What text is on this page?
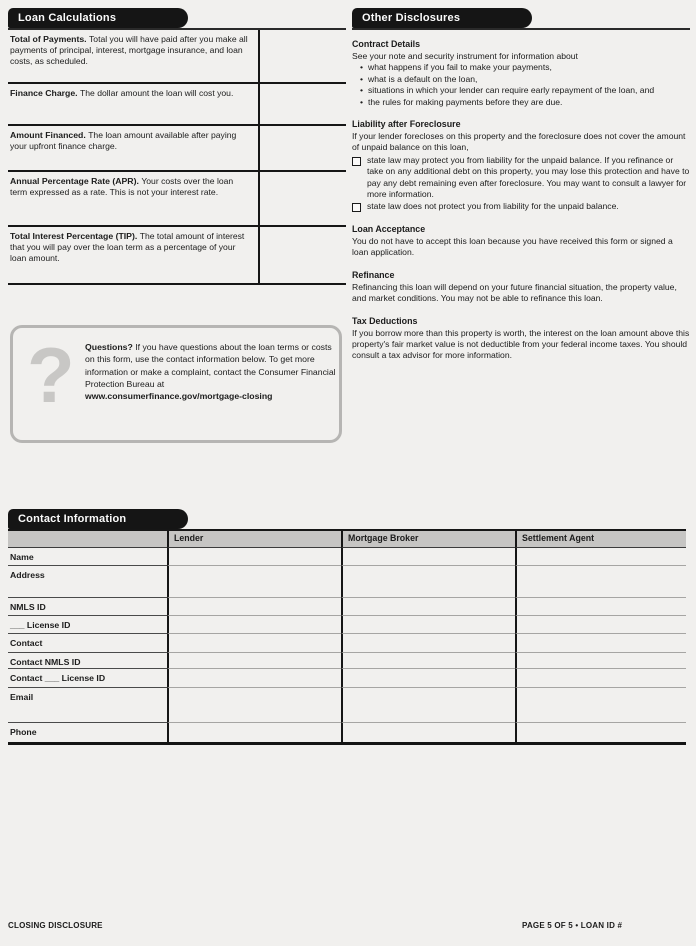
Loan Calculations
Total of Payments. Total you will have paid after you make all payments of principal, interest, mortgage insurance, and loan costs, as scheduled.
Finance Charge. The dollar amount the loan will cost you.
Amount Financed. The loan amount available after paying your upfront finance charge.
Annual Percentage Rate (APR). Your costs over the loan term expressed as a rate. This is not your interest rate.
Total Interest Percentage (TIP). The total amount of interest that you will pay over the loan term as a percentage of your loan amount.
? Questions? If you have questions about the loan terms or costs on this form, use the contact information below. To get more information or make a complaint, contact the Consumer Financial Protection Bureau at
www.consumerfinance.gov/mortgage-closing
Other Disclosures
Contract Details
See your note and security instrument for information about
• what happens if you fail to make your payments,
• what is a default on the loan,
• situations in which your lender can require early repayment of the loan, and
• the rules for making payments before they are due.
Liability after Foreclosure
If your lender forecloses on this property and the foreclosure does not cover the amount of unpaid balance on this loan,
state law may protect you from liability for the unpaid balance. If you refinance or take on any additional debt on this property, you may lose this protection and have to pay any debt remaining even after foreclosure. You may want to consult a lawyer for more information.
state law does not protect you from liability for the unpaid balance.
Loan Acceptance
You do not have to accept this loan because you have received this form or signed a loan application.
Refinance
Refinancing this loan will depend on your future financial situation, the property value, and market conditions. You may not be able to refinance this loan.
Tax Deductions
If you borrow more than this property is worth, the interest on the loan amount above this property's fair market value is not deductible from your federal income taxes. You should consult a tax advisor for more information.
Contact Information
Lender	Mortgage Broker	Settlement Agent
Name
Address
NMLS ID
___ License ID
Contact
Contact NMLS ID
Contact ___ License ID
Email
Phone
CLOSING DISCLOSURE	PAGE 5 OF 5 • LOAN ID #
